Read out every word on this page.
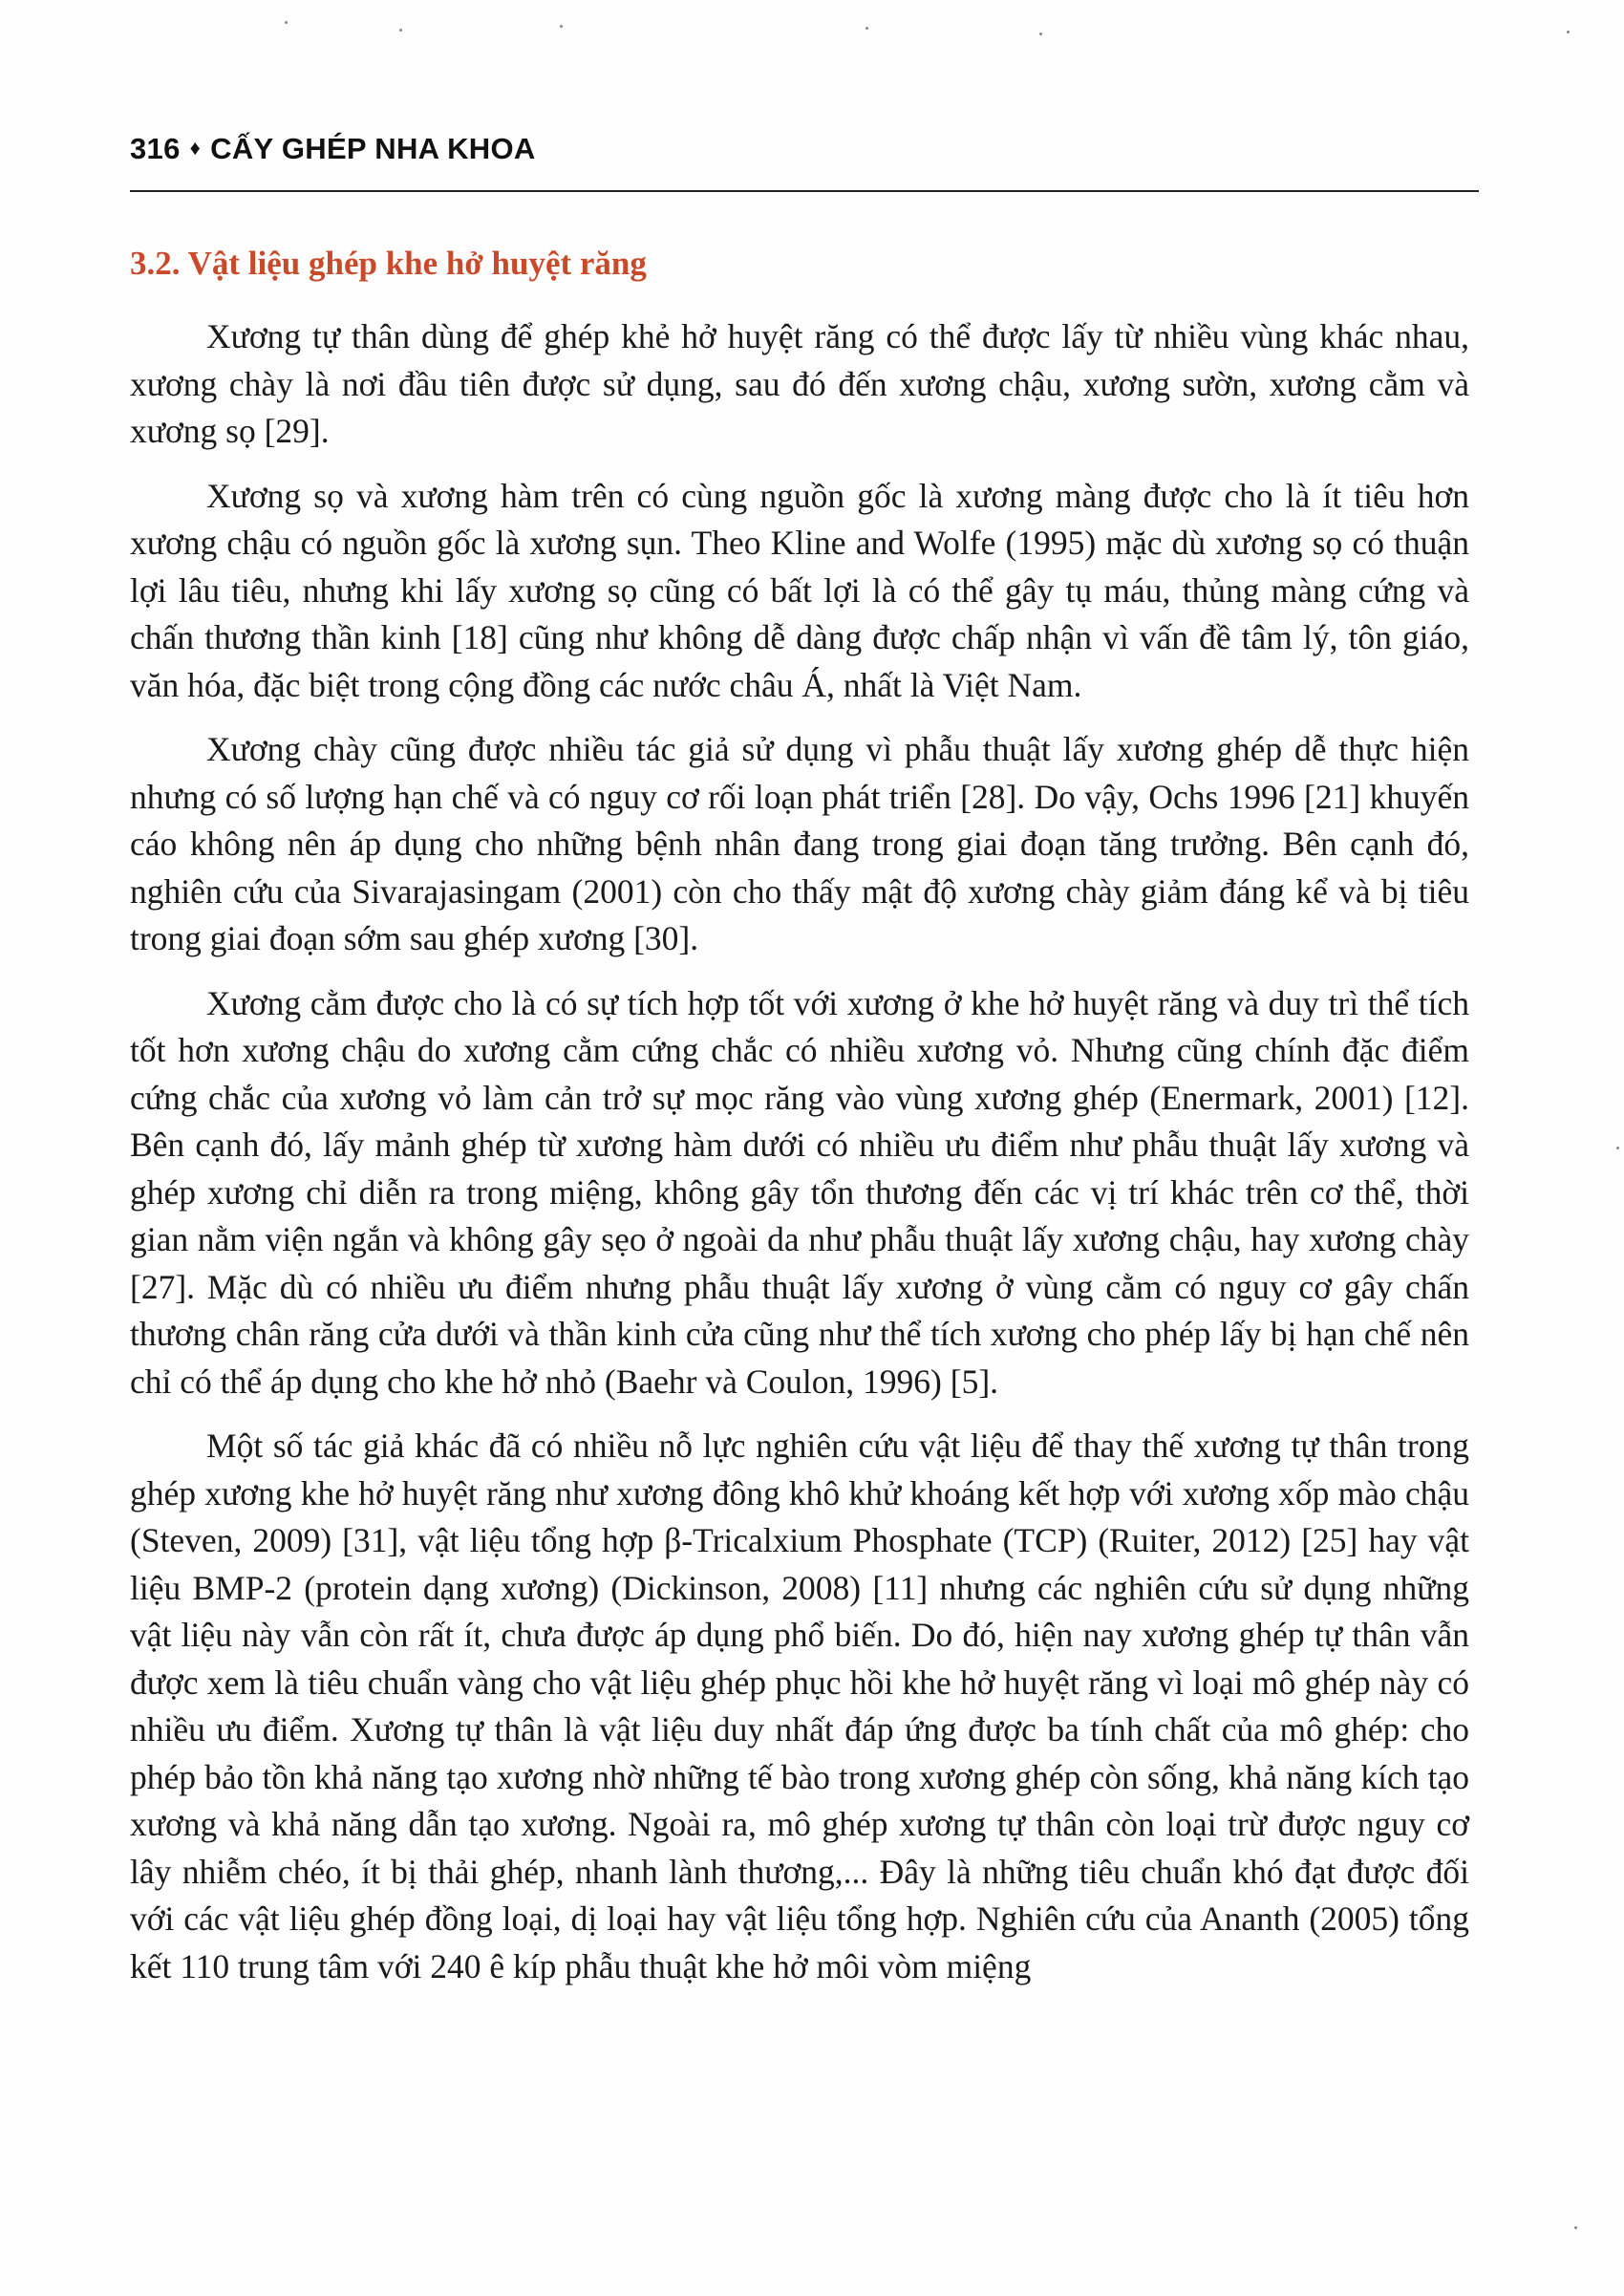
316 ♦ CẤY GHÉP NHA KHOA
3.2. Vật liệu ghép khe hở huyệt răng

Xương tự thân dùng để ghép khẻ hở huyệt răng có thể được lấy từ nhiều vùng khác nhau, xương chày là nơi đầu tiên được sử dụng, sau đó đến xương chậu, xương sườn, xương cằm và xương sọ [29].

Xương sọ và xương hàm trên có cùng nguồn gốc là xương màng được cho là ít tiêu hơn xương chậu có nguồn gốc là xương sụn. Theo Kline and Wolfe (1995) mặc dù xương sọ có thuận lợi lâu tiêu, nhưng khi lấy xương sọ cũng có bất lợi là có thể gây tụ máu, thủng màng cứng và chấn thương thần kinh [18] cũng như không dễ dàng được chấp nhận vì vấn đề tâm lý, tôn giáo, văn hóa, đặc biệt trong cộng đồng các nước châu Á, nhất là Việt Nam.

Xương chày cũng được nhiều tác giả sử dụng vì phẫu thuật lấy xương ghép dễ thực hiện nhưng có số lượng hạn chế và có nguy cơ rối loạn phát triển [28]. Do vậy, Ochs 1996 [21] khuyến cáo không nên áp dụng cho những bệnh nhân đang trong giai đoạn tăng trưởng. Bên cạnh đó, nghiên cứu của Sivarajasingam (2001) còn cho thấy mật độ xương chày giảm đáng kể và bị tiêu trong giai đoạn sớm sau ghép xương [30].

Xương cằm được cho là có sự tích hợp tốt với xương ở khe hở huyệt răng và duy trì thể tích tốt hơn xương chậu do xương cằm cứng chắc có nhiều xương vỏ. Nhưng cũng chính đặc điểm cứng chắc của xương vỏ làm cản trở sự mọc răng vào vùng xương ghép (Enermark, 2001) [12]. Bên cạnh đó, lấy mảnh ghép từ xương hàm dưới có nhiều ưu điểm như phẫu thuật lấy xương và ghép xương chỉ diễn ra trong miệng, không gây tổn thương đến các vị trí khác trên cơ thể, thời gian nằm viện ngắn và không gây sẹo ở ngoài da như phẫu thuật lấy xương chậu, hay xương chày [27]. Mặc dù có nhiều ưu điểm nhưng phẫu thuật lấy xương ở vùng cằm có nguy cơ gây chấn thương chân răng cửa dưới và thần kinh cửa cũng như thể tích xương cho phép lấy bị hạn chế nên chỉ có thể áp dụng cho khe hở nhỏ (Baehr và Coulon, 1996) [5].

Một số tác giả khác đã có nhiều nỗ lực nghiên cứu vật liệu để thay thế xương tự thân trong ghép xương khe hở huyệt răng như xương đông khô khử khoáng kết hợp với xương xốp mào chậu (Steven, 2009) [31], vật liệu tổng hợp β-Tricalxium Phosphate (TCP) (Ruiter, 2012) [25] hay vật liệu BMP-2 (protein dạng xương) (Dickinson, 2008) [11] nhưng các nghiên cứu sử dụng những vật liệu này vẫn còn rất ít, chưa được áp dụng phổ biến. Do đó, hiện nay xương ghép tự thân vẫn được xem là tiêu chuẩn vàng cho vật liệu ghép phục hồi khe hở huyệt răng vì loại mô ghép này có nhiều ưu điểm. Xương tự thân là vật liệu duy nhất đáp ứng được ba tính chất của mô ghép: cho phép bảo tồn khả năng tạo xương nhờ những tế bào trong xương ghép còn sống, khả năng kích tạo xương và khả năng dẫn tạo xương. Ngoài ra, mô ghép xương tự thân còn loại trừ được nguy cơ lây nhiễm chéo, ít bị thải ghép, nhanh lành thương,... Đây là những tiêu chuẩn khó đạt được đối với các vật liệu ghép đồng loại, dị loại hay vật liệu tổng hợp. Nghiên cứu của Ananth (2005) tổng kết 110 trung tâm với 240 ê kíp phẫu thuật khe hở môi vòm miệng
